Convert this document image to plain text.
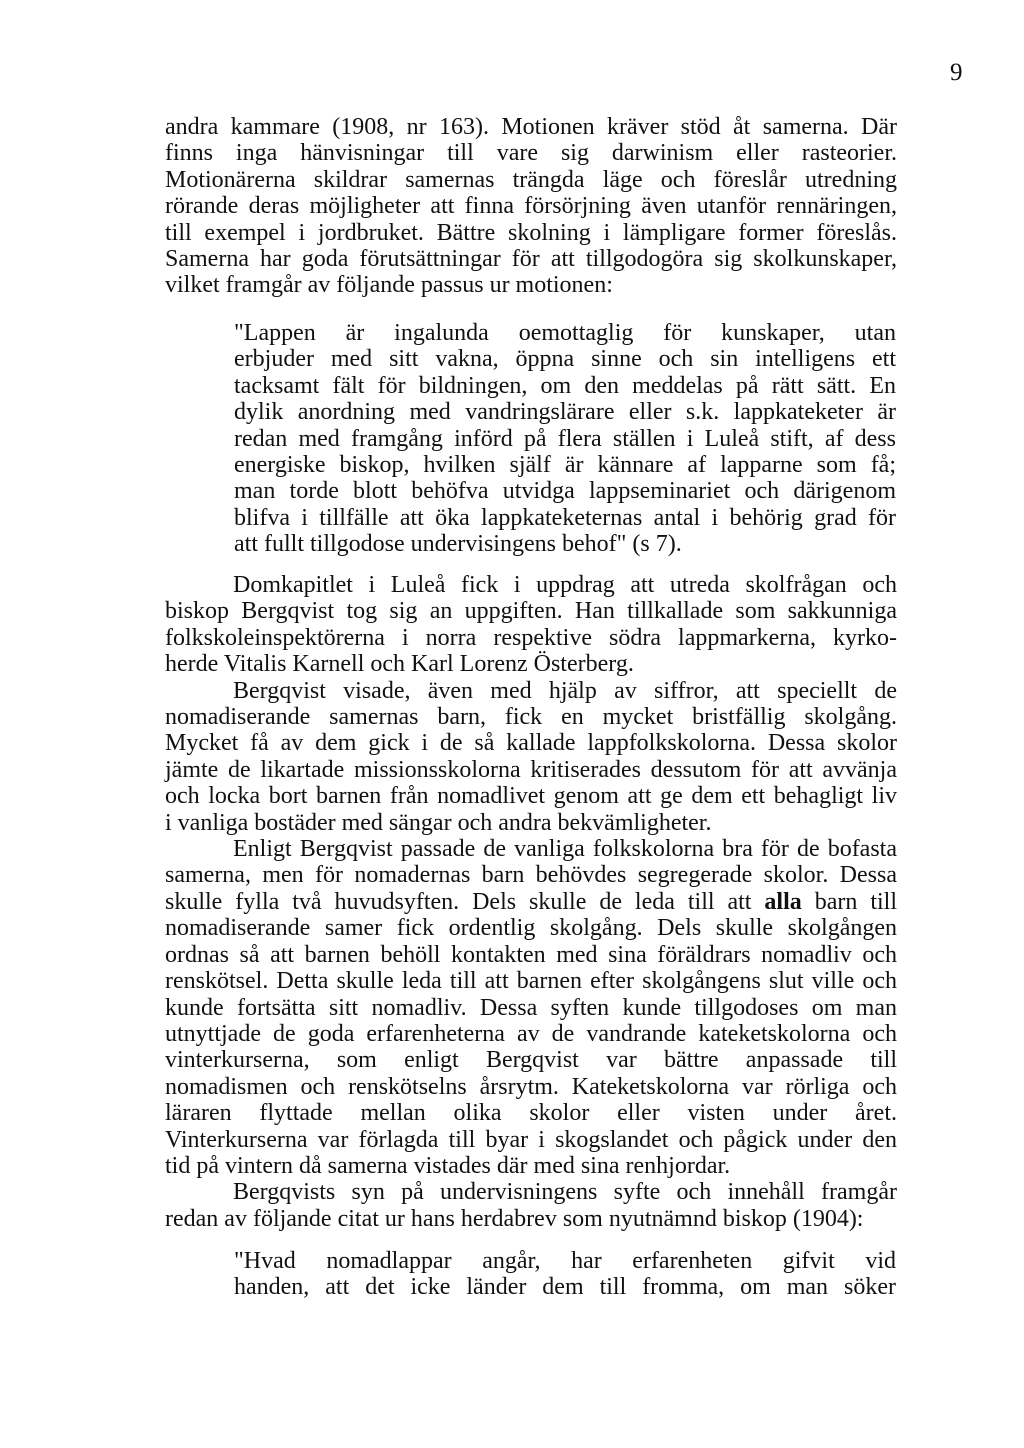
9
andra kammare (1908, nr 163). Motionen kräver stöd åt samerna. Där
finns inga hänvisningar till vare sig darwinism eller rasteorier.
Motionärerna skildrar samernas trängda läge och föreslår utredning
rörande deras möjligheter att finna försörjning även utanför rennäringen,
till exempel i jordbruket. Bättre skolning i lämpligare former föreslås.
Samerna har goda förutsättningar för att tillgodogöra sig skolkunskaper,
vilket framgår av följande passus ur motionen:
"Lappen är ingalunda oemottaglig för kunskaper, utan
erbjuder med sitt vakna, öppna sinne och sin intelligens ett
tacksamt fält för bildningen, om den meddelas på rätt sätt. En
dylik anordning med vandringslärare eller s.k. lappkateketer är
redan med framgång införd på flera ställen i Luleå stift, af dess
energiske biskop, hvilken själf är kännare af lapparne som få;
man torde blott behöfva utvidga lappseminariet och därigenom
blifva i tillfälle att öka lappkateketernas antal i behörig grad för
att fullt tillgodose undervisingens behof" (s 7).
Domkapitlet i Luleå fick i uppdrag att utreda skolfrågan och
biskop Bergqvist tog sig an uppgiften. Han tillkallade som sakkunniga
folkskoleinspektörerna i norra respektive södra lappmarkerna, kyrko-
herde Vitalis Karnell och Karl Lorenz Österberg.
Bergqvist visade, även med hjälp av siffror, att speciellt de
nomadiserande samernas barn, fick en mycket bristfällig skolgång.
Mycket få av dem gick i de så kallade lappfolkskolorna. Dessa skolor
jämte de likartade missionsskolorna kritiserades dessutom för att avvänja
och locka bort barnen från nomadlivet genom att ge dem ett behagligt liv
i vanliga bostäder med sängar och andra bekvämligheter.
Enligt Bergqvist passade de vanliga folkskolorna bra för de bofasta
samerna, men för nomadernas barn behövdes segregerade skolor. Dessa
skulle fylla två huvudsyften. Dels skulle de leda till att alla barn till
nomadiserande samer fick ordentlig skolgång. Dels skulle skolgången
ordnas så att barnen behöll kontakten med sina föräldrars nomadliv och
renskötsel. Detta skulle leda till att barnen efter skolgångens slut ville och
kunde fortsätta sitt nomadliv. Dessa syften kunde tillgodoses om man
utnyttjade de goda erfarenheterna av de vandrande kateketskolorna och
vinterkurserna, som enligt Bergqvist var bättre anpassade till
nomadismen och renskötselns årsrytm. Kateketskolorna var rörliga och
läraren flyttade mellan olika skolor eller visten under året.
Vinterkurserna var förlagda till byar i skogslandet och pågick under den
tid på vintern då samerna vistades där med sina renhjordar.
Bergqvists syn på undervisningens syfte och innehåll framgår
redan av följande citat ur hans herdabrev som nyutnämnd biskop (1904):
"Hvad nomadlappar angår, har erfarenheten gifvit vid
handen, att det icke länder dem till fromma, om man söker
